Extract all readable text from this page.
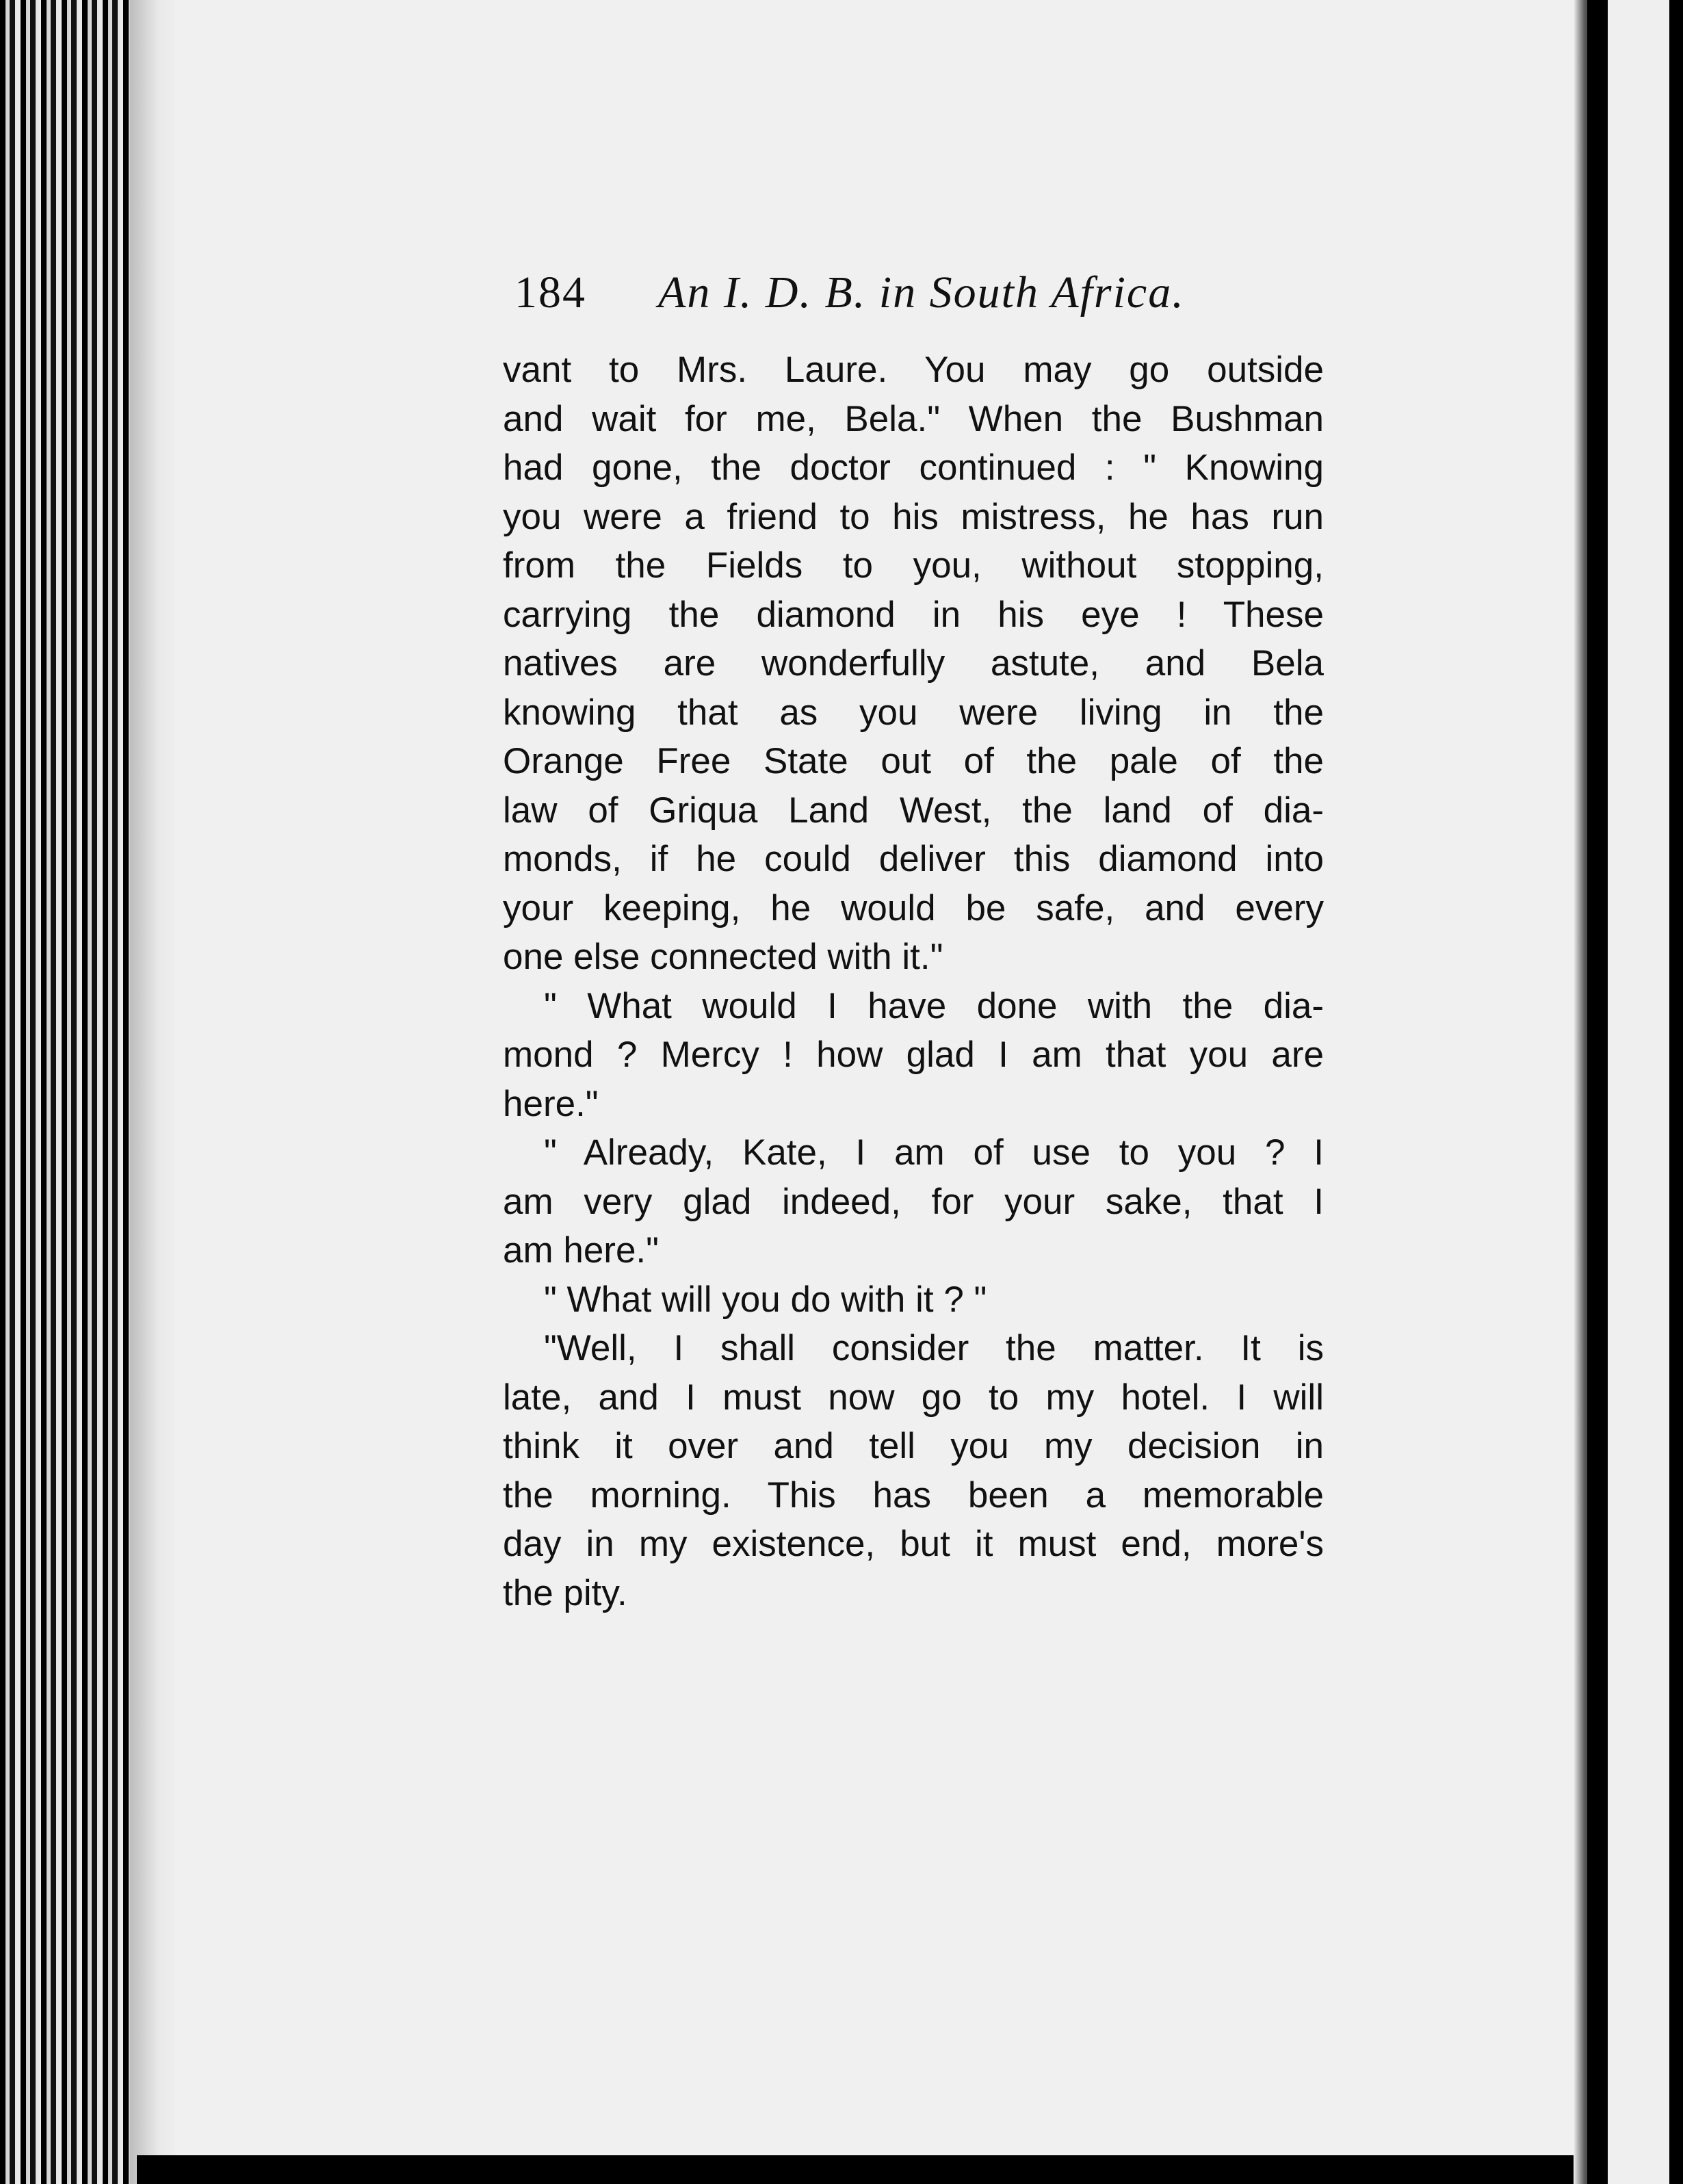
184 An I. D. B. in South Africa.
vant to Mrs. Laure. You may go outside
and wait for me, Bela." When the Bushman
had gone, the doctor continued : " Knowing
you were a friend to his mistress, he has run
from the Fields to you, without stopping,
carrying the diamond in his eye ! These
natives are wonderfully astute, and Bela
knowing that as you were living in the
Orange Free State out of the pale of the
law of Griqua Land West, the land of dia-
monds, if he could deliver this diamond into
your keeping, he would be safe, and every
one else connected with it."
" What would I have done with the dia-
mond ? Mercy ! how glad I am that you are
here."
" Already, Kate, I am of use to you ? I
am very glad indeed, for your sake, that I
am here."
" What will you do with it ? "
"Well, I shall consider the matter. It is
late, and I must now go to my hotel. I will
think it over and tell you my decision in
the morning. This has been a memorable
day in my existence, but it must end, more's
the pity.
